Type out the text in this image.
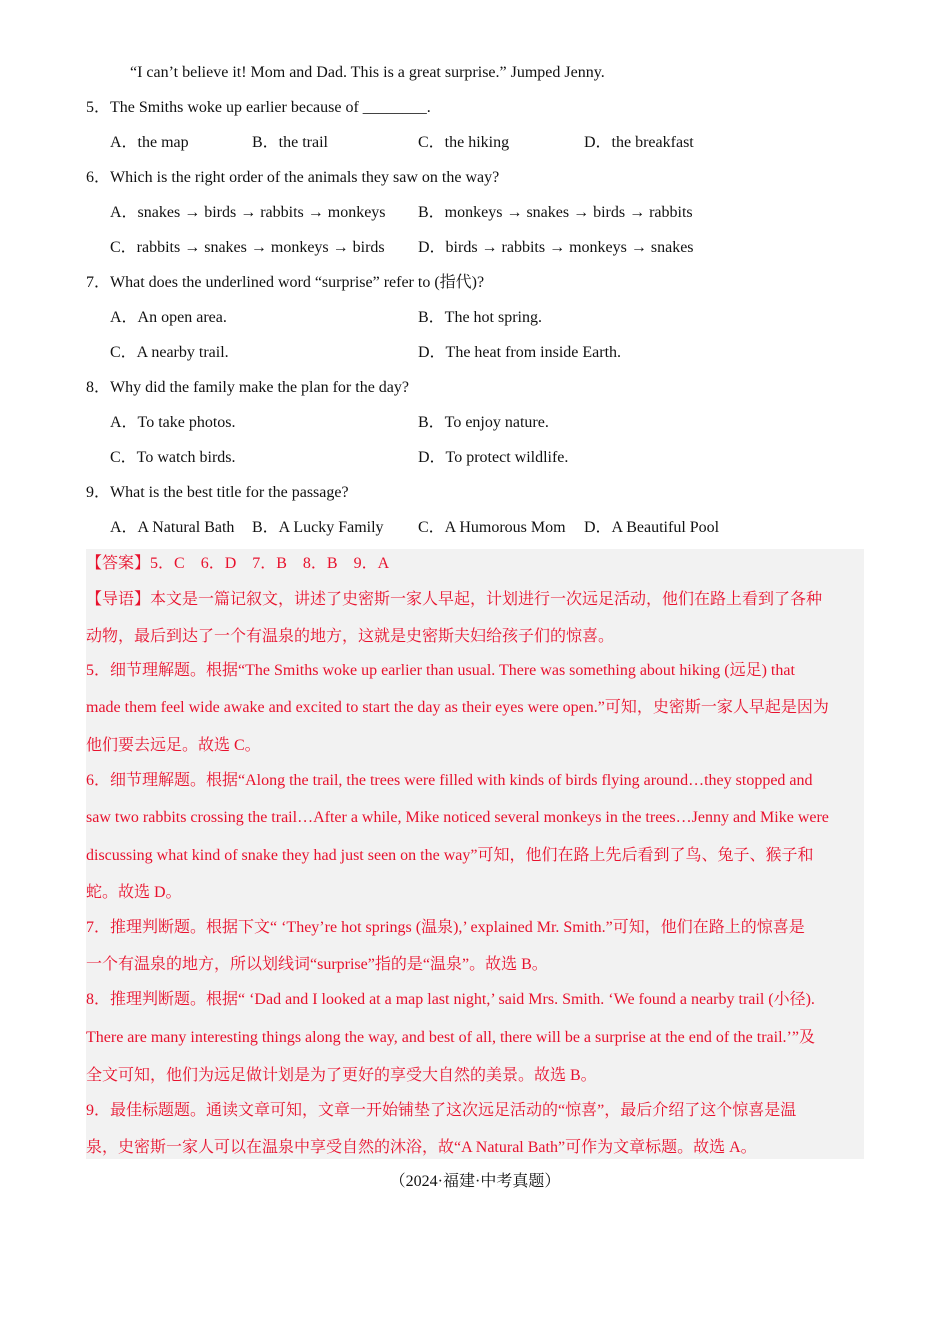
“I can’t believe it! Mom and Dad. This is a great surprise.” Jumped Jenny.
5．The Smiths woke up earlier because of ________.
A．the map	B．the trail	C．the hiking	D．the breakfast
6．Which is the right order of the animals they saw on the way?
A．snakes → birds → rabbits → monkeys B．monkeys → snakes → birds → rabbits
C．rabbits → snakes → monkeys → birds D．birds → rabbits → monkeys → snakes
7．What does the underlined word “surprise” refer to (指代)?
A．An open area.	B．The hot spring.
C．A nearby trail.	D．The heat from inside Earth.
8．Why did the family make the plan for the day?
A．To take photos.	B．To enjoy nature.
C．To watch birds.	D．To protect wildlife.
9．What is the best title for the passage?
A．A Natural Bath B．A Lucky Family C．A Humorous Mom D．A Beautiful Pool
【答案】5．C　6．D　7．B　8．B　9．A
【导语】本文是一篇记叙文，讲述了史密斯一家人早起，计划进行一次远足活动，他们在路上看到了各种
动物，最后到达了一个有温泉的地方，这就是史密斯夫妇给孩子们的惊喜。
5．细节理解题。根据“The Smiths woke up earlier than usual. There was something about hiking (远足) that
made them feel wide awake and excited to start the day as their eyes were open.”可知，史密斯一家人早起是因为
他们要去远足。故选 C。
6．细节理解题。根据“Along the trail, the trees were filled with kinds of birds flying around…they stopped and
saw two rabbits crossing the trail…After a while, Mike noticed several monkeys in the trees…Jenny and Mike were
discussing what kind of snake they had just seen on the way”可知，他们在路上先后看到了鸟、兔子、猴子和
蛇。故选 D。
7．推理判断题。根据下文“ ‘They’re hot springs (温泉),’ explained Mr. Smith.”可知，他们在路上的惊喜是
一个有温泉的地方，所以划线词“surprise”指的是“温泉”。故选 B。
8．推理判断题。根据“ ‘Dad and I looked at a map last night,’ said Mrs. Smith. ‘We found a nearby trail (小径).
There are many interesting things along the way, and best of all, there will be a surprise at the end of the trail.’”及
全文可知，他们为远足做计划是为了更好的享受大自然的美景。故选 B。
9．最佳标题题。通读文章可知，文章一开始铺垫了这次远足活动的“惊喜”，最后介绍了这个惊喜是温
泉，史密斯一家人可以在温泉中享受自然的沐浴，故“A Natural Bath”可作为文章标题。故选 A。
（2024·福建·中考真题）
